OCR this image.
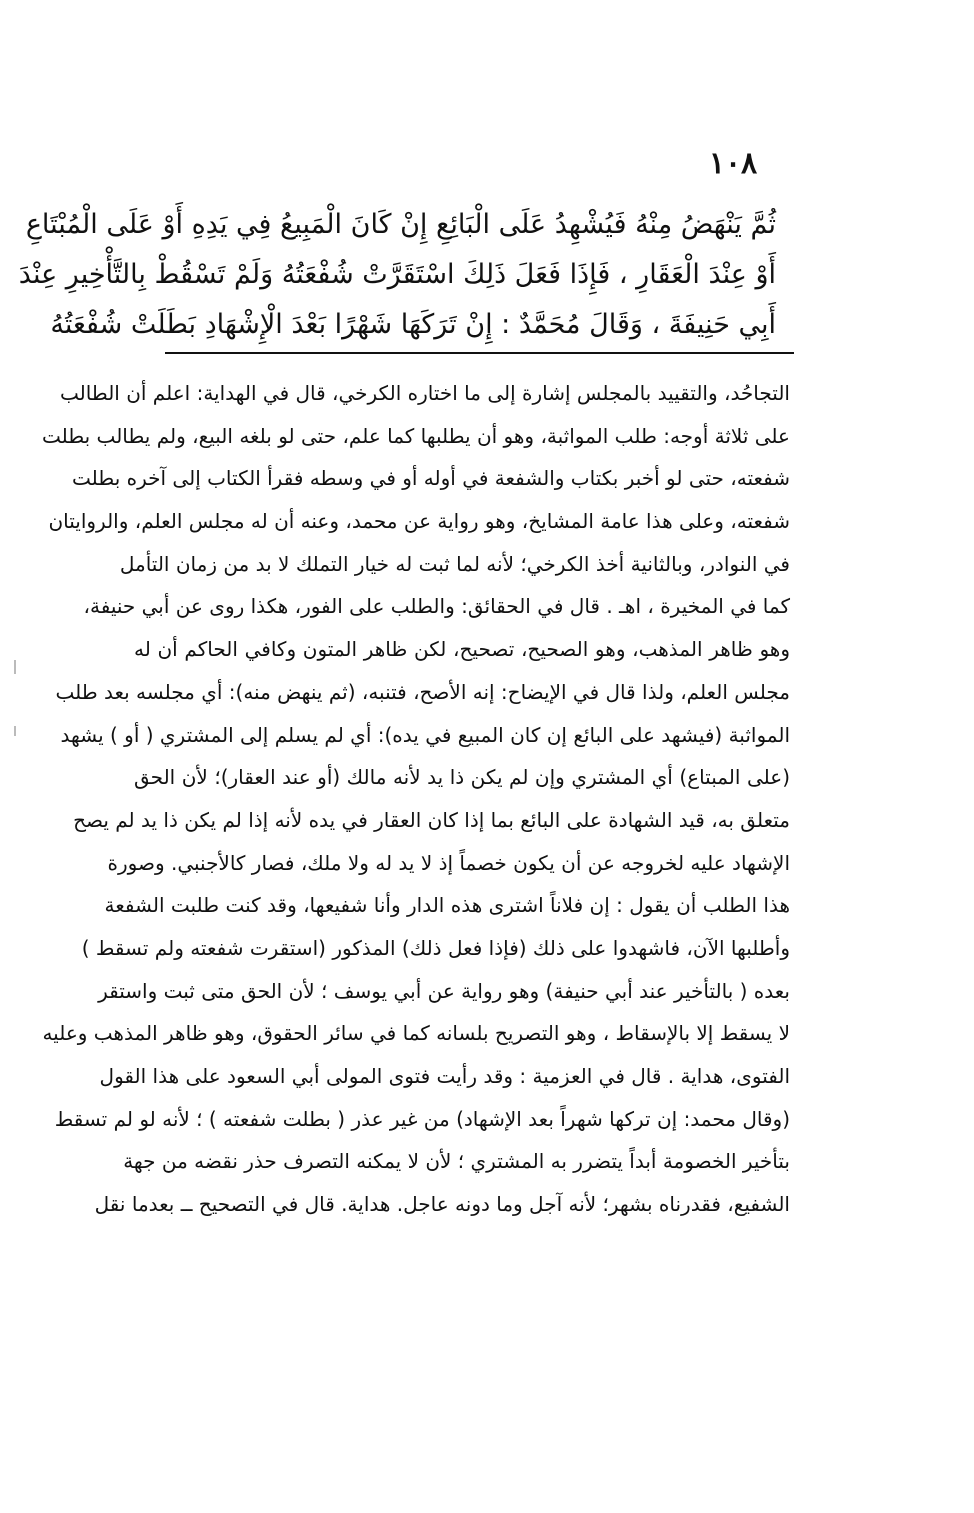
١٠٨
ثُمَّ يَنْهَضُ مِنْهُ فَيُشْهِدُ عَلَى الْبَائِعِ إِنْ كَانَ الْمَبِيعُ فِي يَدِهِ أَوْ عَلَى الْمُبْتَاعِ
أَوْ عِنْدَ الْعَقَارِ ، فَإِذَا فَعَلَ ذَلِكَ اسْتَقَرَّتْ شُفْعَتُهُ وَلَمْ تَسْقُطْ بِالتَّأْخِيرِ عِنْدَ
أَبِي حَنِيفَةَ ، وَقَالَ مُحَمَّدٌ : إِنْ تَرَكَهَا شَهْرًا بَعْدَ الْإِشْهَادِ بَطَلَتْ شُفْعَتُهُ
التجاحُد، والتقييد بالمجلس إشارة إلى ما اختاره الكرخي، قال في الهداية: اعلم أن الطالب
على ثلاثة أوجه: طلب المواثبة، وهو أن يطلبها كما علم، حتى لو بلغه البيع، ولم يطالب بطلت
شفعته، حتى لو أخبر بكتاب والشفعة في أوله أو في وسطه فقرأ الكتاب إلى آخره بطلت
شفعته، وعلى هذا عامة المشايخ، وهو رواية عن محمد، وعنه أن له مجلس العلم، والروايتان
في النوادر، وبالثانية أخذ الكرخي؛ لأنه لما ثبت له خيار التملك لا بد من زمان التأمل
كما في المخيرة ، اهـ . قال في الحقائق: والطلب على الفور، هكذا روى عن أبي حنيفة،
وهو ظاهر المذهب، وهو الصحيح، تصحيح، لكن ظاهر المتون وكافي الحاكم أن له
مجلس العلم، ولذا قال في الإيضاح: إنه الأصح، فتنبه، (ثم ينهض منه): أي مجلسه بعد طلب
المواثبة (فيشهد على البائع إن كان المبيع في يده): أي لم يسلم إلى المشتري ( أو ) يشهد
(على المبتاع) أي المشتري وإن لم يكن ذا يد لأنه مالك (أو عند العقار)؛ لأن الحق
متعلق به، قيد الشهادة على البائع بما إذا كان العقار في يده لأنه إذا لم يكن ذا يد لم يصح
الإشهاد عليه لخروجه عن أن يكون خصماً إذ لا يد له ولا ملك، فصار كالأجنبي. وصورة
هذا الطلب أن يقول : إن فلاناً اشترى هذه الدار وأنا شفيعها، وقد كنت طلبت الشفعة
وأطلبها الآن، فاشهدوا على ذلك (فإذا فعل ذلك) المذكور (استقرت شفعته ولم تسقط )
بعده ( بالتأخير عند أبي حنيفة) وهو رواية عن أبي يوسف ؛ لأن الحق متى ثبت واستقر
لا يسقط إلا بالإسقاط ، وهو التصريح بلسانه كما في سائر الحقوق، وهو ظاهر المذهب وعليه
الفتوى، هداية . قال في العزمية : وقد رأيت فتوى المولى أبي السعود على هذا القول
(وقال محمد: إن تركها شهراً بعد الإشهاد) من غير عذر ( بطلت شفعته ) ؛ لأنه لو لم تسقط
بتأخير الخصومة أبداً يتضرر به المشتري ؛ لأن لا يمكنه التصرف حذر نقضه من جهة
الشفيع، فقدرناه بشهر؛ لأنه آجل وما دونه عاجل. هداية. قال في التصحيح ــ بعدما نقل
